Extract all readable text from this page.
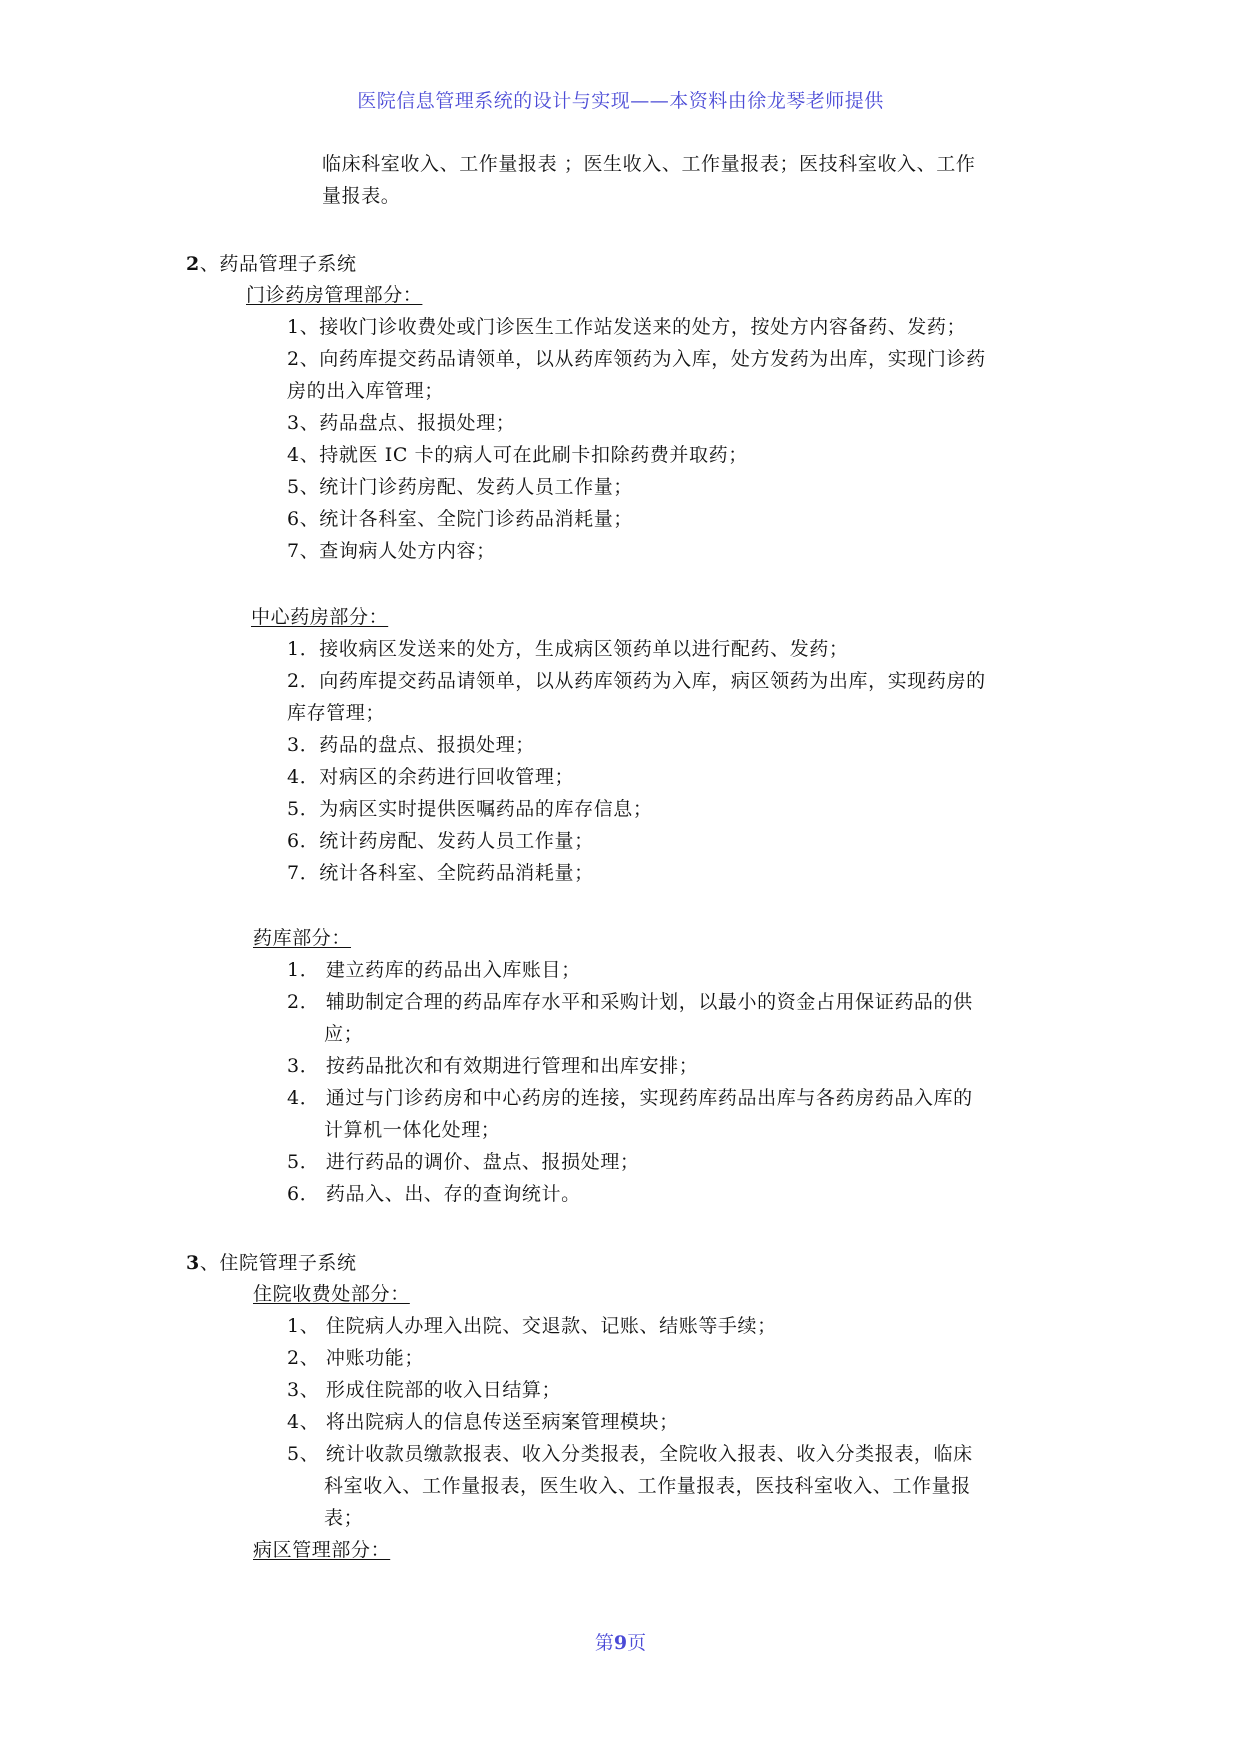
医院信息管理系统的设计与实现——本资料由徐龙琴老师提供
临床科室收入、工作量报表 ；医生收入、工作量报表；医技科室收入、工作
量报表。
2、药品管理子系统
门诊药房管理部分：
1、接收门诊收费处或门诊医生工作站发送来的处方，按处方内容备药、发药；
2、向药库提交药品请领单，以从药库领药为入库，处方发药为出库，实现门诊药
房的出入库管理；
3、药品盘点、报损处理；
4、持就医 IC 卡的病人可在此刷卡扣除药费并取药；
5、统计门诊药房配、发药人员工作量；
6、统计各科室、全院门诊药品消耗量；
7、查询病人处方内容；
中心药房部分：
1．接收病区发送来的处方，生成病区领药单以进行配药、发药；
2．向药库提交药品请领单，以从药库领药为入库，病区领药为出库，实现药房的
库存管理；
3．药品的盘点、报损处理；
4．对病区的余药进行回收管理；
5．为病区实时提供医嘱药品的库存信息；
6．统计药房配、发药人员工作量；
7．统计各科室、全院药品消耗量；
药库部分：
1． 建立药库的药品出入库账目；
2． 辅助制定合理的药品库存水平和采购计划，以最小的资金占用保证药品的供
应；
3． 按药品批次和有效期进行管理和出库安排；
4． 通过与门诊药房和中心药房的连接，实现药库药品出库与各药房药品入库的
计算机一体化处理；
5． 进行药品的调价、盘点、报损处理；
6． 药品入、出、存的查询统计。
3、住院管理子系统
住院收费处部分：
1、 住院病人办理入出院、交退款、记账、结账等手续；
2、 冲账功能；
3、 形成住院部的收入日结算；
4、 将出院病人的信息传送至病案管理模块；
5、 统计收款员缴款报表、收入分类报表，全院收入报表、收入分类报表，临床
科室收入、工作量报表，医生收入、工作量报表，医技科室收入、工作量报
表；
病区管理部分：
第9页
